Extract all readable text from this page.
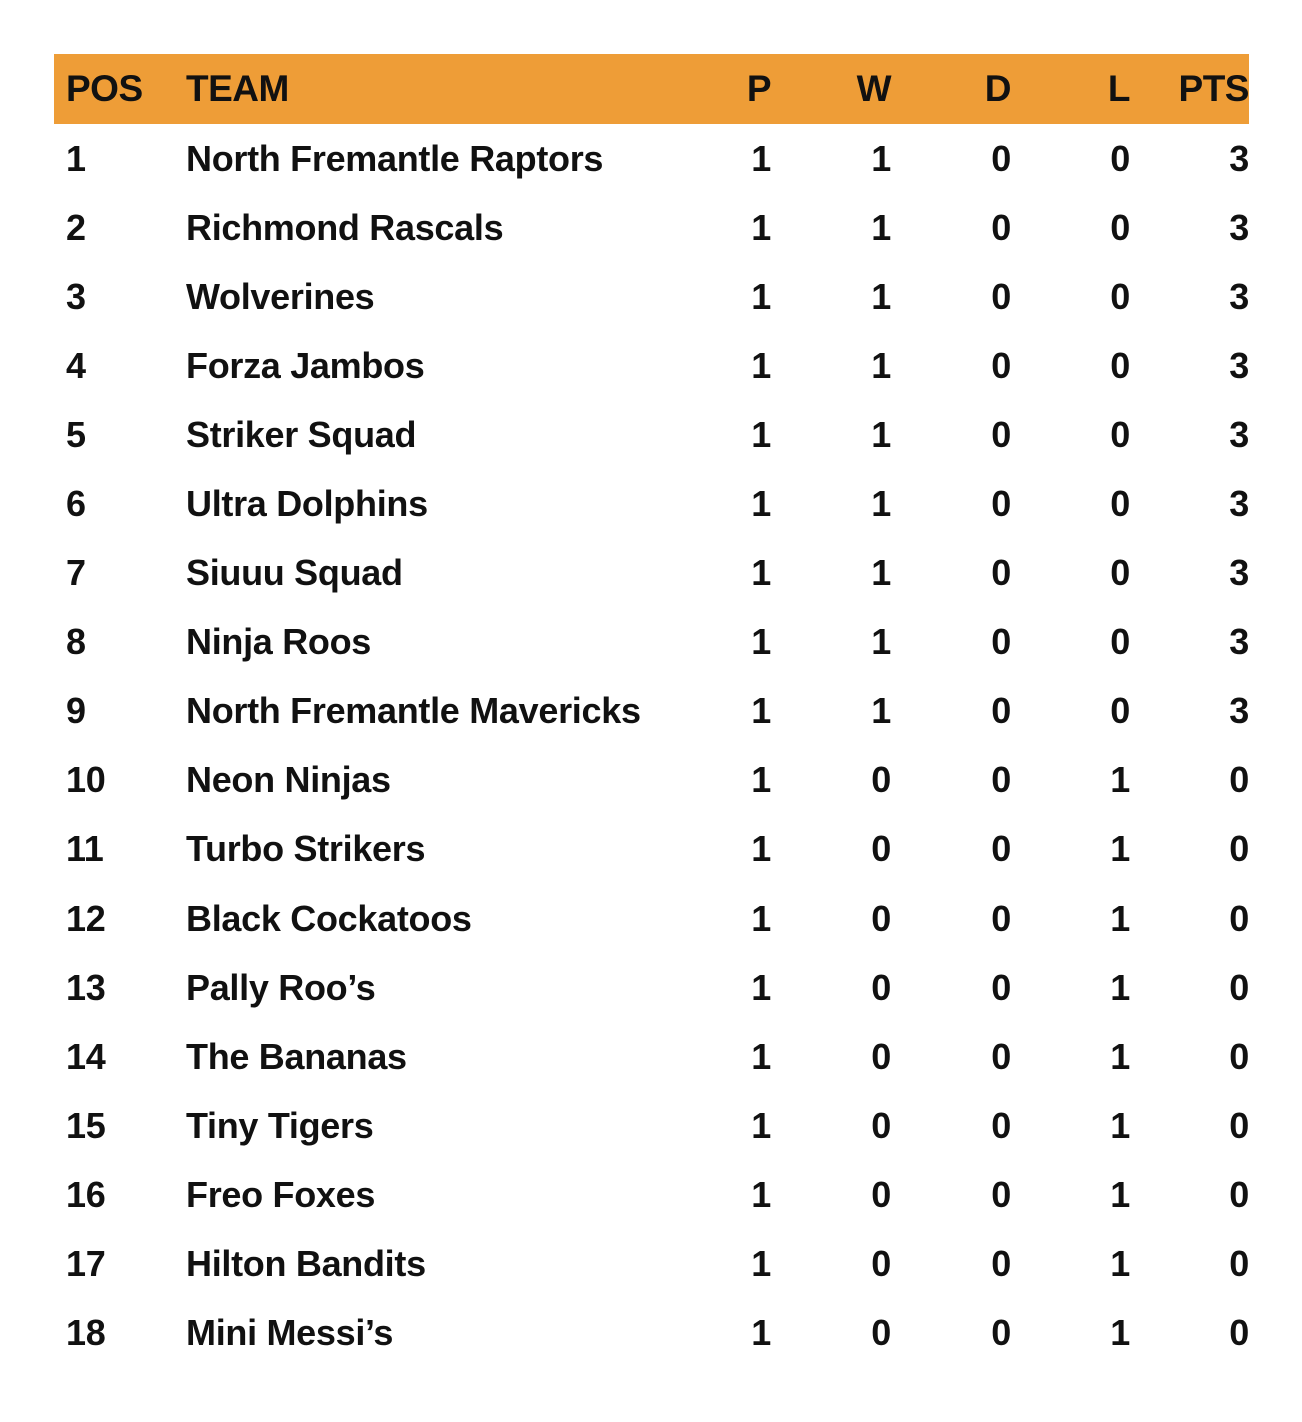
POS	TEAM	P	W	D	L	PTS
1	North Fremantle Raptors	1	1	0	0	3
2	Richmond Rascals	1	1	0	0	3
3	Wolverines	1	1	0	0	3
4	Forza Jambos	1	1	0	0	3
5	Striker Squad	1	1	0	0	3
6	Ultra Dolphins	1	1	0	0	3
7	Siuuu Squad	1	1	0	0	3
8	Ninja Roos	1	1	0	0	3
9	North Fremantle Mavericks	1	1	0	0	3
10	Neon Ninjas	1	0	0	1	0
11	Turbo Strikers	1	0	0	1	0
12	Black Cockatoos	1	0	0	1	0
13	Pally Roo’s	1	0	0	1	0
14	The Bananas	1	0	0	1	0
15	Tiny Tigers	1	0	0	1	0
16	Freo Foxes	1	0	0	1	0
17	Hilton Bandits	1	0	0	1	0
18	Mini Messi’s	1	0	0	1	0
